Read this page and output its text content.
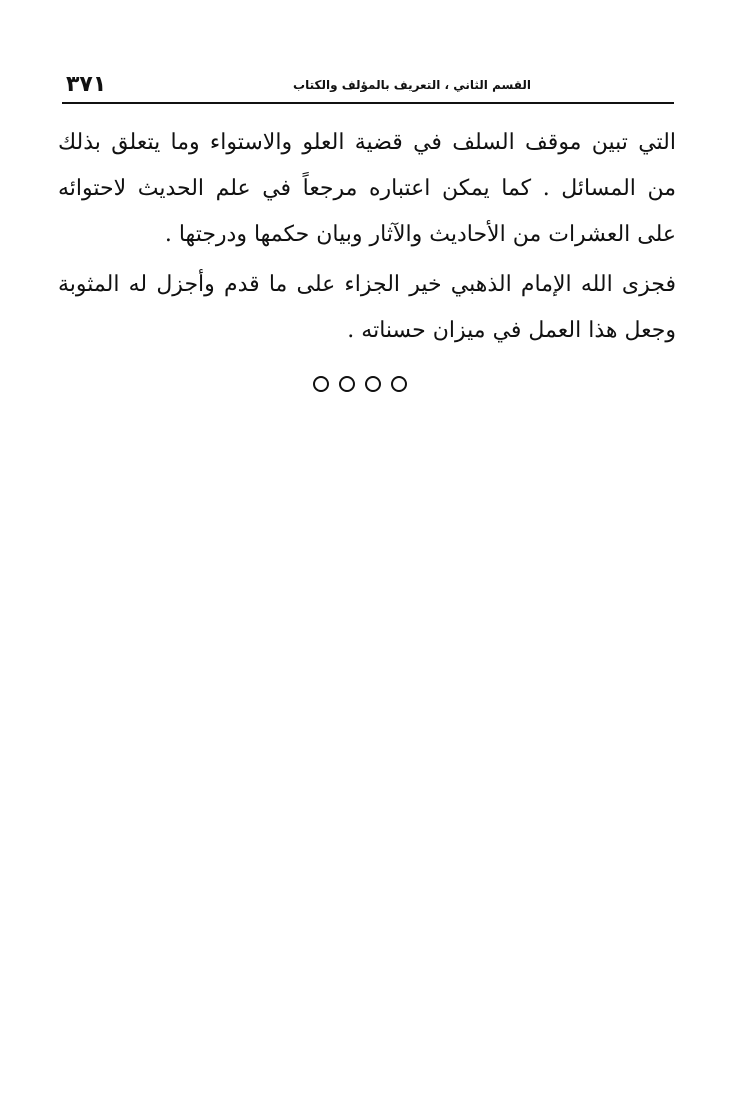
٣٧١	القسم الثاني ، التعريف بالمؤلف والكتاب

التي تبين موقف السلف في قضية العلو والاستواء وما يتعلق بذلك من المسائل . كما يمكن اعتباره مرجعاً في علم الحديث لاحتوائه على العشرات من الأحاديث والآثار وبيان حكمها ودرجتها .

فجزى الله الإمام الذهبي خير الجزاء على ما قدم وأجزل له المثوبة وجعل هذا العمل في ميزان حسناته .
